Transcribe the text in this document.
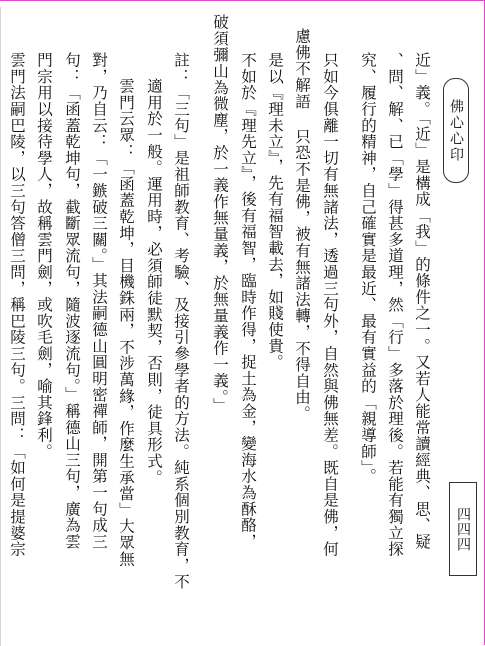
佛心心印
四四四
近」義。「近」是構成「我」的條件之一。又若人能常讀經典、思、疑
、問、解、已「學」得甚多道理，然「行」多落於理後。若能有獨立探
究、履行的精神，自己確實是最近、最有實益的「親導師」。
只如今俱離一切有無諸法，透過三句外，自然與佛無差。既自是佛，何
慮佛不解語 只恐不是佛，被有無諸法轉，不得自由。
是以『理未立』，先有福智載去，如賤使貴。
不如於『理先立』，後有福智，臨時作得，捉土為金，變海水為酥酪，
破須彌山為微塵，於一義作無量義，於無量義作一義。」
註：「三句」是祖師教育、考驗、及接引參學者的方法。純系個別教育，不
適用於一般。運用時，必須師徒默契，否則，徒具形式。
雲門云眾：「函蓋乾坤，目機銖兩，不涉萬緣，作麼生承當」大眾無
對，乃自云：「一鏃破三關。」其法嗣德山圓明密禪師，開第一句成三
句：「函蓋乾坤句，截斷眾流句，隨波逐流句。」稱德山三句，廣為雲
門宗用以接待學人，故稱雲門劍，或吹毛劍，喻其鋒利。
雲門法嗣巴陵，以三句答僧三問，稱巴陵三句。三問：「如何是提婆宗
